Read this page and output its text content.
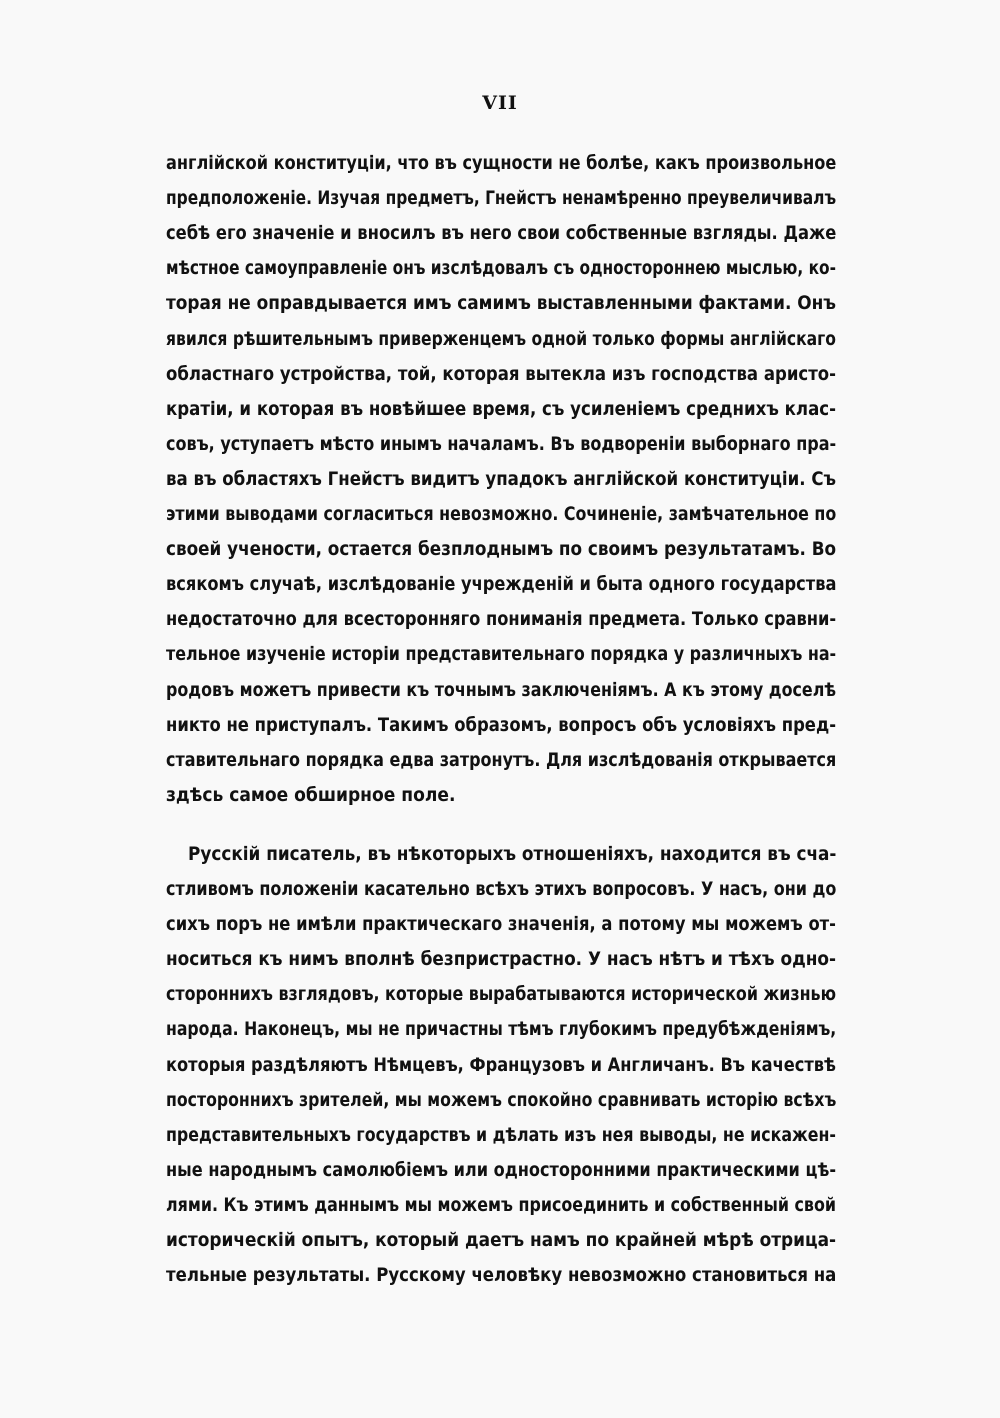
VII
англійской конституціи, что въ сущности не болѣе, какъ произвольное
предположеніе. Изучая предметъ, Гнейстъ ненамѣренно преувеличивалъ
себѣ его значеніе и вносилъ въ него свои собственные взгляды. Даже
мѣстное самоуправленіе онъ изслѣдовалъ съ одностороннею мыслью, ко-
торая не оправдывается имъ самимъ выставленными фактами. Онъ
явился рѣшительнымъ приверженцемъ одной только формы англійскаго
областнаго устройства, той, которая вытекла изъ господства аристо-
кратіи, и которая въ новѣйшее время, съ усиленіемъ среднихъ клас-
совъ, уступаетъ мѣсто инымъ началамъ. Въ водвореніи выборнаго пра-
ва въ областяхъ Гнейстъ видитъ упадокъ англійской конституціи. Съ
этими выводами согласиться невозможно. Сочиненіе, замѣчательное по
своей учености, остается безплоднымъ по своимъ результатамъ. Во
всякомъ случаѣ, изслѣдованіе учрежденій и быта одного государства
недостаточно для всесторонняго пониманія предмета. Только сравни-
тельное изученіе исторіи представительнаго порядка у различныхъ на-
родовъ можетъ привести къ точнымъ заключеніямъ. А къ этому доселѣ
никто не приступалъ. Такимъ образомъ, вопросъ объ условіяхъ пред-
ставительнаго порядка едва затронутъ. Для изслѣдованія открывается
здѣсь самое обширное поле.
Русскій писатель, въ нѣкоторыхъ отношеніяхъ, находится въ сча-
стливомъ положеніи касательно всѣхъ этихъ вопросовъ. У насъ, они до
сихъ поръ не имѣли практическаго значенія, а потому мы можемъ от-
носиться къ нимъ вполнѣ безпристрастно. У насъ нѣтъ и тѣхъ одно-
стороннихъ взглядовъ, которые вырабатываются исторической жизнью
народа. Наконецъ, мы не причастны тѣмъ глубокимъ предубѣжденіямъ,
которыя раздѣляютъ Нѣмцевъ, Французовъ и Англичанъ. Въ качествѣ
постороннихъ зрителей, мы можемъ спокойно сравнивать исторію всѣхъ
представительныхъ государствъ и дѣлать изъ нея выводы, не искажен-
ные народнымъ самолюбіемъ или односторонними практическими цѣ-
лями. Къ этимъ даннымъ мы можемъ присоединить и собственный свой
историческій опытъ, который даетъ намъ по крайней мѣрѣ отрица-
тельные результаты. Русскому человѣку невозможно становиться на
